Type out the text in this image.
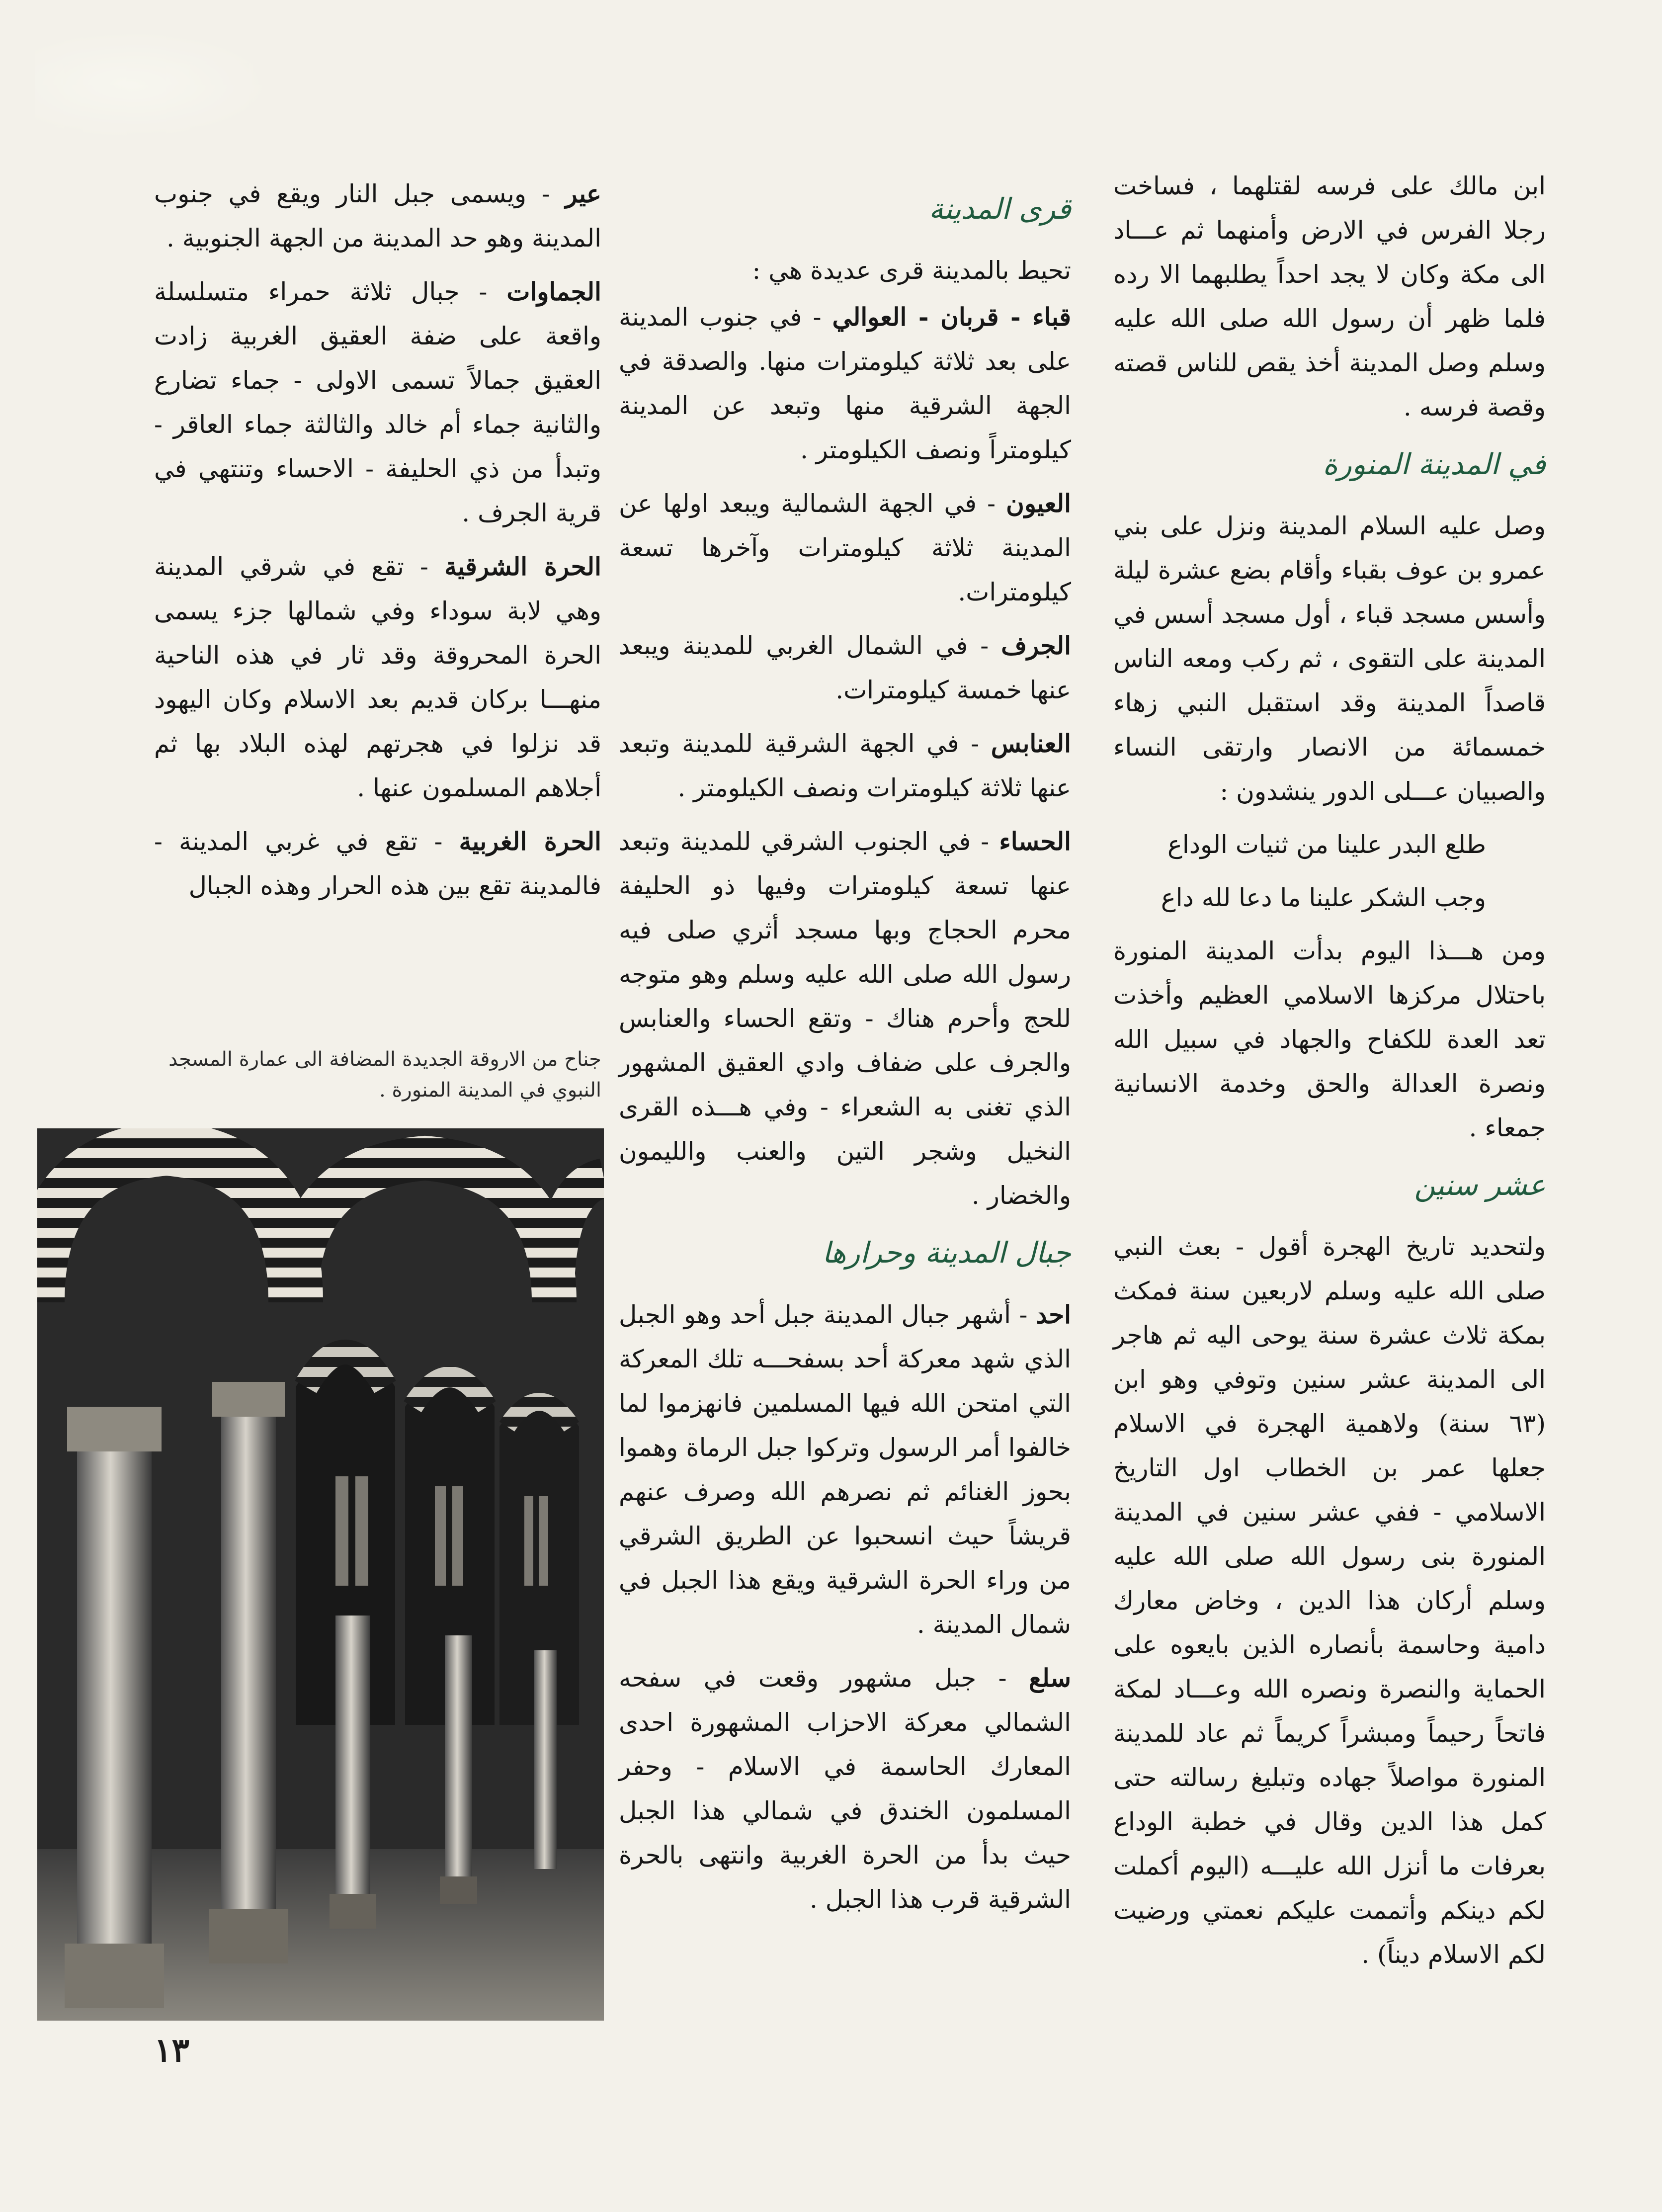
ابن مالك على فرسه لقتلهما ، فساخت رجلا الفرس في الارض وأمنهما ثم عـــاد الى مكة وكان لا يجد احداً يطلبهما الا رده فلما ظهر أن رسول الله صلى الله عليه وسلم وصل المدينة أخذ يقص للناس قصته وقصة فرسه .

في المدينة المنورة

وصل عليه السلام المدينة ونزل على بني عمرو بن عوف بقباء وأقام بضع عشرة ليلة وأسس مسجد قباء ، أول مسجد أسس في المدينة على التقوى ، ثم ركب ومعه الناس قاصداً المدينة وقد استقبل النبي زهاء خمسمائة من الانصار وارتقى النساء والصبيان عـــلى الدور ينشدون :

طلع البدر علينا من ثنيات الوداع

وجب الشكر علينا ما دعا لله داع

ومن هـــذا اليوم بدأت المدينة المنورة باحتلال مركزها الاسلامي العظيم وأخذت تعد العدة للكفاح والجهاد في سبيل الله ونصرة العدالة والحق وخدمة الانسانية جمعاء .

عشر سنين

ولتحديد تاريخ الهجرة أقول - بعث النبي صلى الله عليه وسلم لاربعين سنة فمكث بمكة ثلاث عشرة سنة يوحى اليه ثم هاجر الى المدينة عشر سنين وتوفي وهو ابن (٦٣ سنة) ولاهمية الهجرة في الاسلام جعلها عمر بن الخطاب اول التاريخ الاسلامي - ففي عشر سنين في المدينة المنورة بنى رسول الله صلى الله عليه وسلم أركان هذا الدين ، وخاض معارك دامية وحاسمة بأنصاره الذين بايعوه على الحماية والنصرة ونصره الله وعـــاد لمكة فاتحاً رحيماً ومبشراً كريماً ثم عاد للمدينة المنورة مواصلاً جهاده وتبليغ رسالته حتى كمل هذا الدين وقال في خطبة الوداع بعرفات ما أنزل الله عليـــه (اليوم أكملت لكم دينكم وأتممت عليكم نعمتي ورضيت لكم الاسلام ديناً) .

قرى المدينة

تحيط بالمدينة قرى عديدة هي :

قباء - قربان - العوالي - في جنوب المدينة على بعد ثلاثة كيلومترات منها. والصدقة في الجهة الشرقية منها وتبعد عن المدينة كيلومتراً ونصف الكيلومتر .

العيون - في الجهة الشمالية ويبعد اولها عن المدينة ثلاثة كيلومترات وآخرها تسعة كيلومترات.

الجرف - في الشمال الغربي للمدينة ويبعد عنها خمسة كيلومترات.

العنابس - في الجهة الشرقية للمدينة وتبعد عنها ثلاثة كيلومترات ونصف الكيلومتر .

الحساء - في الجنوب الشرقي للمدينة وتبعد عنها تسعة كيلومترات وفيها ذو الحليفة محرم الحجاج وبها مسجد أثري صلى فيه رسول الله صلى الله عليه وسلم وهو متوجه للحج وأحرم هناك - وتقع الحساء والعنابس والجرف على ضفاف وادي العقيق المشهور الذي تغنى به الشعراء - وفي هـــذه القرى النخيل وشجر التين والعنب والليمون والخضار .

جبال المدينة وحرارها

احد - أشهر جبال المدينة جبل أحد وهو الجبل الذي شهد معركة أحد بسفحـــه تلك المعركة التي امتحن الله فيها المسلمين فانهزموا لما خالفوا أمر الرسول وتركوا جبل الرماة وهموا بحوز الغنائم ثم نصرهم الله وصرف عنهم قريشاً حيث انسحبوا عن الطريق الشرقي من وراء الحرة الشرقية ويقع هذا الجبل في شمال المدينة .

سلع - جبل مشهور وقعت في سفحه الشمالي معركة الاحزاب المشهورة احدى المعارك الحاسمة في الاسلام - وحفر المسلمون الخندق في شمالي هذا الجبل حيث بدأ من الحرة الغربية وانتهى بالحرة الشرقية قرب هذا الجبل .

عير - ويسمى جبل النار ويقع في جنوب المدينة وهو حد المدينة من الجهة الجنوبية .

الجماوات - جبال ثلاثة حمراء متسلسلة واقعة على ضفة العقيق الغربية زادت العقيق جمالاً تسمى الاولى - جماء تضارع والثانية جماء أم خالد والثالثة جماء العاقر - وتبدأ من ذي الحليفة - الاحساء وتنتهي في قرية الجرف .

الحرة الشرقية - تقع في شرقي المدينة وهي لابة سوداء وفي شمالها جزء يسمى الحرة المحروقة وقد ثار في هذه الناحية منهـــا بركان قديم بعد الاسلام وكان اليهود قد نزلوا في هجرتهم لهذه البلاد بها ثم أجلاهم المسلمون عنها .

الحرة الغربية - تقع في غربي المدينة - فالمدينة تقع بين هذه الحرار وهذه الجبال

جناح من الاروقة الجديدة المضافة الى عمارة المسجد النبوي في المدينة المنورة .
١٣
